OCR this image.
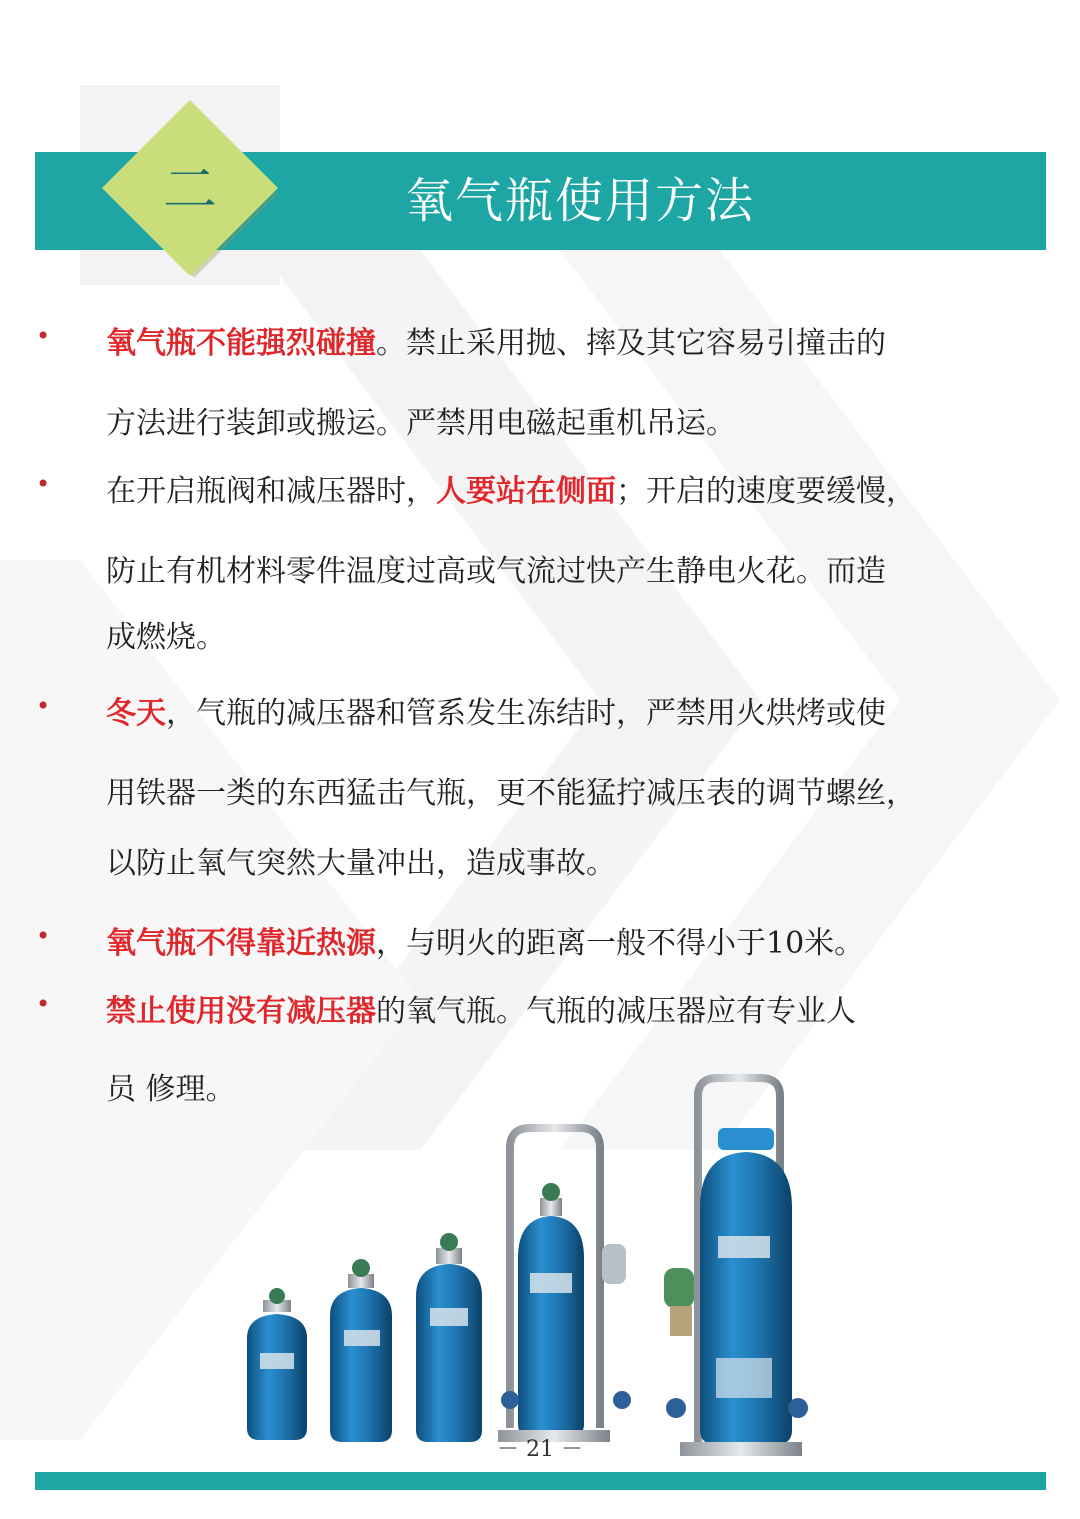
二	氧气瓶使用方法
• 氧气瓶不能强烈碰撞。禁止采用抛、摔及其它容易引撞击的
方法进行装卸或搬运。严禁用电磁起重机吊运。
• 在开启瓶阀和减压器时，人要站在侧面；开启的速度要缓慢，
防止有机材料零件温度过高或气流过快产生静电火花。而造
成燃烧。
• 冬天，气瓶的减压器和管系发生冻结时，严禁用火烘烤或使
用铁器一类的东西猛击气瓶，更不能猛拧减压表的调节螺丝，
以防止氧气突然大量冲出，造成事故。
• 氧气瓶不得靠近热源，与明火的距离一般不得小于10米。
• 禁止使用没有减压器的氧气瓶。气瓶的减压器应有专业人
员 修理。
－ 21 －
